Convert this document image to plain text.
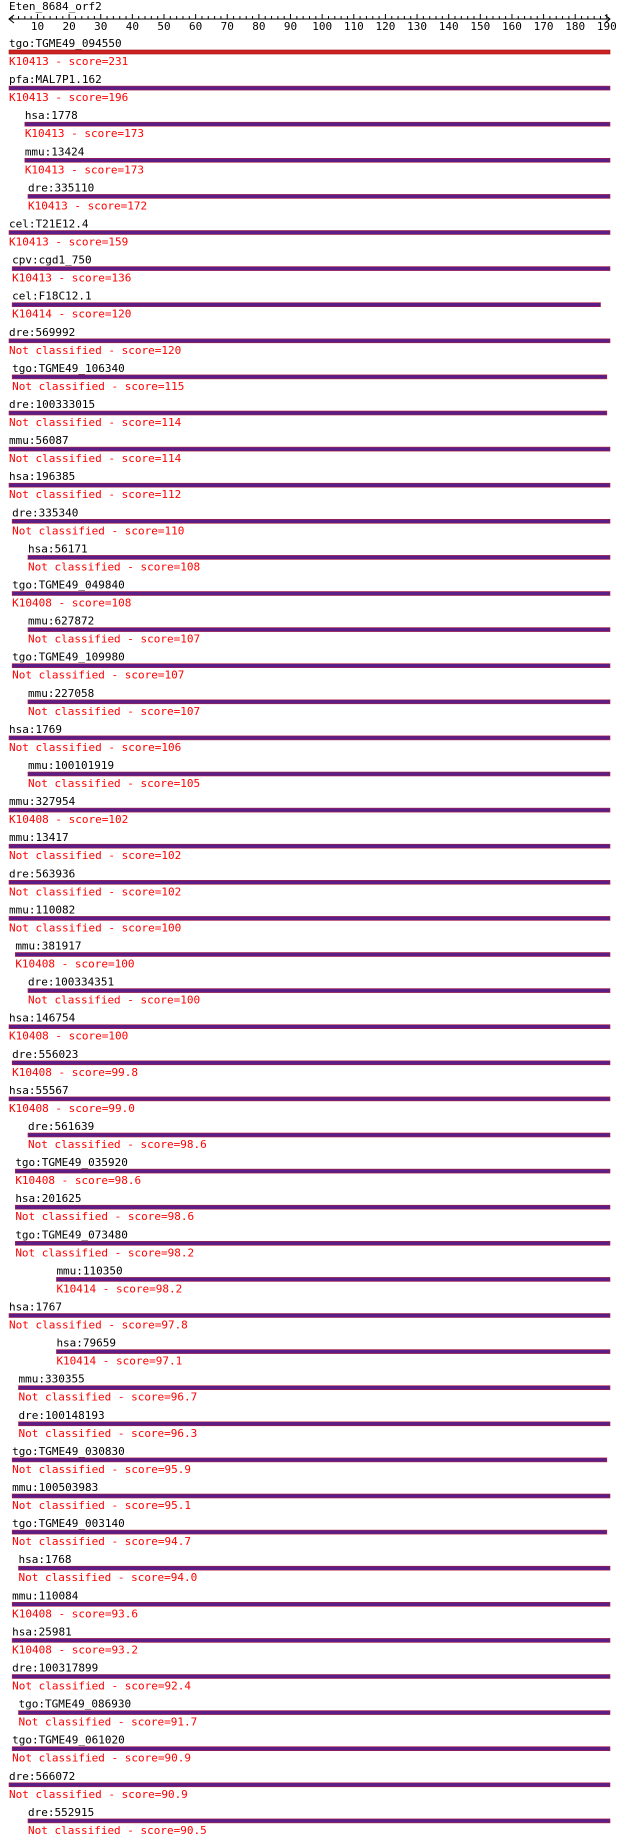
Eten_8684_orf2
10 20 30 40 50 60 70 80 90 100 110 120 130 140 150 160 170 180 190
tgo:TGME49_094550
K10413 - score=231
pfa:MAL7P1.162
K10413 - score=196
hsa:1778
K10413 - score=173
mmu:13424
K10413 - score=173
dre:335110
K10413 - score=172
cel:T21E12.4
K10413 - score=159
cpv:cgd1_750
K10413 - score=136
cel:F18C12.1
K10414 - score=120
dre:569992
Not classified - score=120
tgo:TGME49_106340
Not classified - score=115
dre:100333015
Not classified - score=114
mmu:56087
Not classified - score=114
hsa:196385
Not classified - score=112
dre:335340
Not classified - score=110
hsa:56171
Not classified - score=108
tgo:TGME49_049840
K10408 - score=108
mmu:627872
Not classified - score=107
tgo:TGME49_109980
Not classified - score=107
mmu:227058
Not classified - score=107
hsa:1769
Not classified - score=106
mmu:100101919
Not classified - score=105
mmu:327954
K10408 - score=102
mmu:13417
Not classified - score=102
dre:563936
Not classified - score=102
mmu:110082
Not classified - score=100
mmu:381917
K10408 - score=100
dre:100334351
Not classified - score=100
hsa:146754
K10408 - score=100
dre:556023
K10408 - score=99.8
hsa:55567
K10408 - score=99.0
dre:561639
Not classified - score=98.6
tgo:TGME49_035920
K10408 - score=98.6
hsa:201625
Not classified - score=98.6
tgo:TGME49_073480
Not classified - score=98.2
mmu:110350
K10414 - score=98.2
hsa:1767
Not classified - score=97.8
hsa:79659
K10414 - score=97.1
mmu:330355
Not classified - score=96.7
dre:100148193
Not classified - score=96.3
tgo:TGME49_030830
Not classified - score=95.9
mmu:100503983
Not classified - score=95.1
tgo:TGME49_003140
Not classified - score=94.7
hsa:1768
Not classified - score=94.0
mmu:110084
K10408 - score=93.6
hsa:25981
K10408 - score=93.2
dre:100317899
Not classified - score=92.4
tgo:TGME49_086930
Not classified - score=91.7
tgo:TGME49_061020
Not classified - score=90.9
dre:566072
Not classified - score=90.9
dre:552915
Not classified - score=90.5
